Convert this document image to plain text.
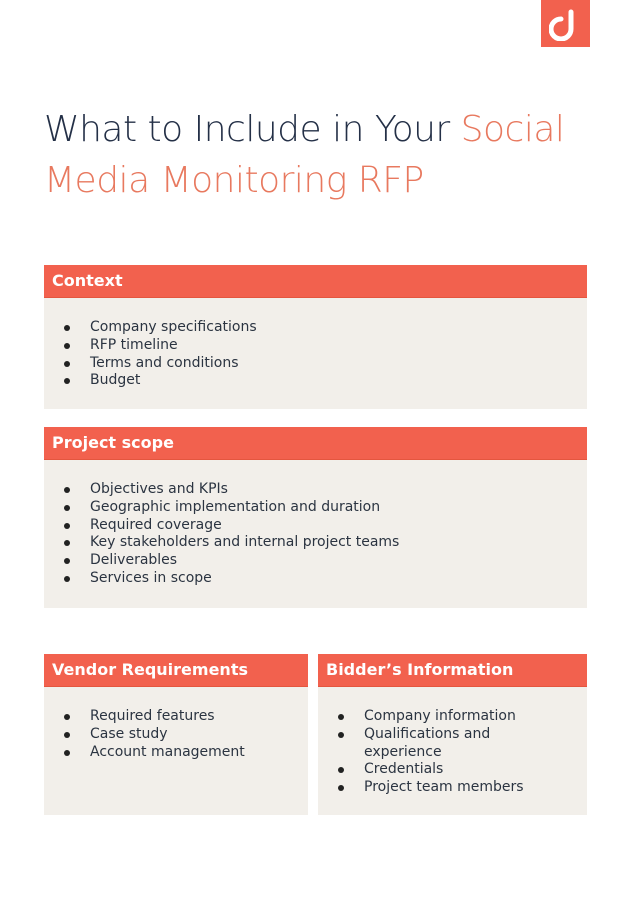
What to Include in Your Social Media Monitoring RFP
Context
Company specifications
RFP timeline
Terms and conditions
Budget
Project scope
Objectives and KPIs
Geographic implementation and duration
Required coverage
Key stakeholders and internal project teams
Deliverables
Services in scope
Vendor Requirements
Required features
Case study
Account management
Bidder’s Information
Company information
Qualifications and experience
Credentials
Project team members
